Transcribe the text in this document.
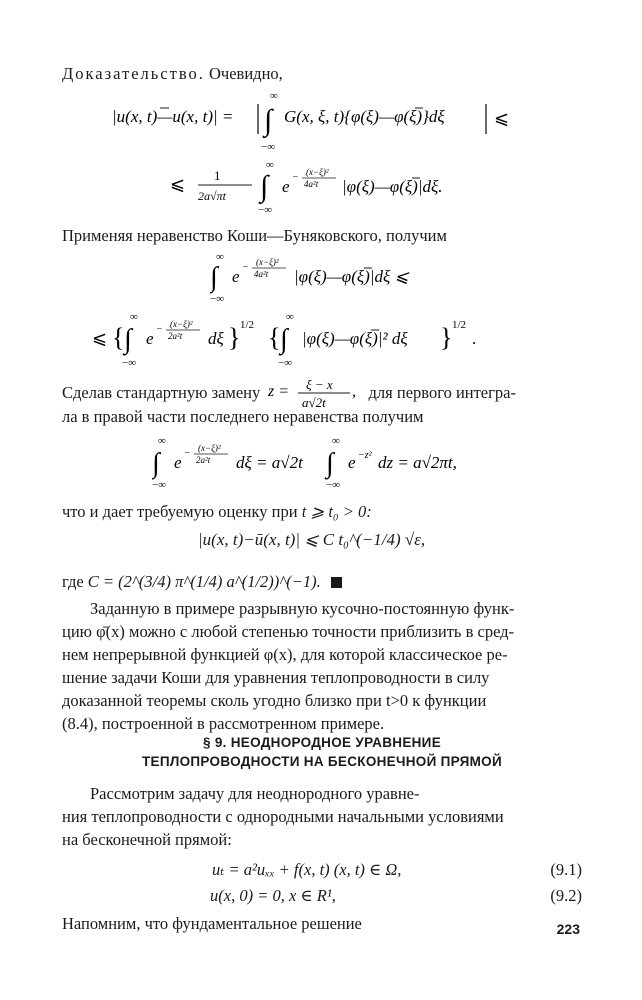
Доказательство. Очевидно,
|u(x, t)—u(x, t)| = ∫
∞
−∞
G(x, ξ, t){φ(ξ)—φ(ξ)}dξ	⩽
⩽ 1
2a√πt ∫
∞
−∞
e − (x−ξ)²
4a²t |φ(ξ)—φ(ξ)|dξ.
Применяя неравенство Коши—Буняковского, получим
∫
∞
−∞
e − (x−ξ)²
4a²t |φ(ξ)—φ(ξ)|dξ ⩽
⩽ { ∫
∞
−∞
e − (x−ξ)²
2a²t dξ } 1/2 { ∫
∞
−∞
|φ(ξ)—φ(ξ)|² dξ } 1/2
.
Сделав стандартную замену z = ξ − x
a√2t
, для первого интегра-
ла в правой части последнего неравенства получим
∫
∞
−∞
e − (x−ξ)²
2a²t dξ = a√2t ∫
∞
−∞
e −z² dz = a√2πt,
что и дает требуемую оценку при t ⩾ t₀ > 0:
|u(x, t)−ū(x, t)| ⩽ C t₀^(−1/4) √ε,
где C = (2^(3/4) π^(1/4) a^(1/2))^(−1).
Заданную в примере разрывную кусочно-постоянную функ-
цию φ̄(x) можно с любой степенью точности приблизить в сред-
нем непрерывной функцией φ(x), для которой классическое ре-
шение задачи Коши для уравнения теплопроводности в силу
доказанной теоремы сколь угодно близко при t>0 к функции
(8.4), построенной в рассмотренном примере.
§ 9. НЕОДНОРОДНОЕ УРАВНЕНИЕ
ТЕПЛОПРОВОДНОСТИ НА БЕСКОНЕЧНОЙ ПРЯМОЙ
Рассмотрим задачу для неоднородного уравне-
ния теплопроводности с однородными начальными условиями
на бесконечной прямой:
uₜ = a²uₓₓ + f(x, t) (x, t) ∈ Ω,	(9.1)
u(x, 0) = 0, x ∈ R¹,	(9.2)
Напомним, что фундаментальное решение	223
